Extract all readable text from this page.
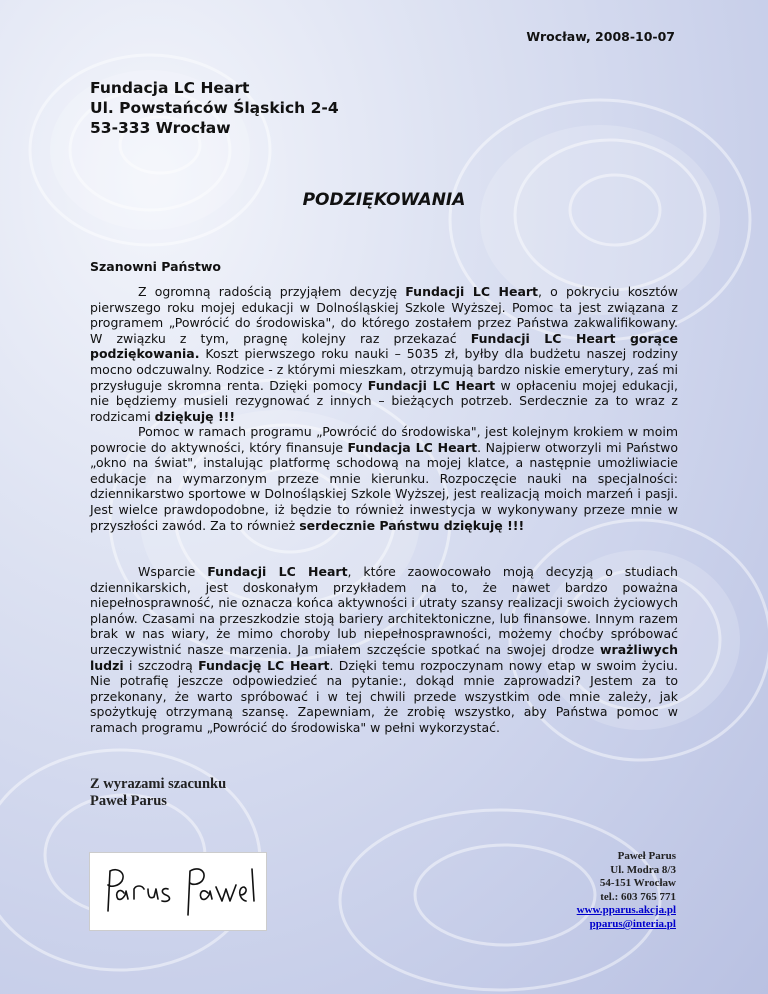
Wrocław, 2008-10-07
Fundacja LC Heart
Ul. Powstańców Śląskich 2-4
53-333 Wrocław
PODZIĘKOWANIA
Szanowni Państwo

Z ogromną radością przyjąłem decyzję Fundacji LC Heart, o pokryciu kosztów pierwszego roku mojej edukacji w Dolnośląskiej Szkole Wyższej. Pomoc ta jest związana z programem „Powrócić do środowiska", do którego zostałem przez Państwa zakwalifikowany. W związku z tym, pragnę kolejny raz przekazać Fundacji LC Heart gorące podziękowania. Koszt pierwszego roku nauki – 5035 zł, byłby dla budżetu naszej rodziny mocno odczuwalny. Rodzice - z którymi mieszkam, otrzymują bardzo niskie emerytury, zaś mi przysługuje skromna renta. Dzięki pomocy Fundacji LC Heart w opłaceniu mojej edukacji, nie będziemy musieli rezygnować z innych – bieżących potrzeb. Serdecznie za to wraz z rodzicami dziękuję !!!

Pomoc w ramach programu „Powrócić do środowiska", jest kolejnym krokiem w moim powrocie do aktywności, który finansuje Fundacja LC Heart. Najpierw otworzyli mi Państwo „okno na świat", instalując platformę schodową na mojej klatce, a następnie umożliwiacie edukacje na wymarzonym przeze mnie kierunku. Rozpoczęcie nauki na specjalności: dziennikarstwo sportowe w Dolnośląskiej Szkole Wyższej, jest realizacją moich marzeń i pasji. Jest wielce prawdopodobne, iż będzie to również inwestycja w wykonywany przeze mnie w przyszłości zawód. Za to również serdecznie Państwu dziękuję !!!

Wsparcie Fundacji LC Heart, które zaowocowało moją decyzją o studiach dziennikarskich, jest doskonałym przykładem na to, że nawet bardzo poważna niepełnosprawność, nie oznacza końca aktywności i utraty szansy realizacji swoich życiowych planów. Czasami na przeszkodzie stoją bariery architektoniczne, lub finansowe. Innym razem brak w nas wiary, że mimo choroby lub niepełnosprawności, możemy choćby spróbować urzeczywistnić nasze marzenia. Ja miałem szczęście spotkać na swojej drodze wrażliwych ludzi i szczodrą Fundację LC Heart. Dzięki temu rozpoczynam nowy etap w swoim życiu. Nie potrafię jeszcze odpowiedzieć na pytanie:, dokąd mnie zaprowadzi? Jestem za to przekonany, że warto spróbować i w tej chwili przede wszystkim ode mnie zależy, jak spożytkuję otrzymaną szansę. Zapewniam, że zrobię wszystko, aby Państwa pomoc w ramach programu „Powrócić do środowiska" w pełni wykorzystać.

Z wyrazami szacunku
Paweł Parus
Paweł Parus
Ul. Modra 8/3
54-151 Wrocław
tel.: 603 765 771
www.pparus.akcja.pl
pparus@interia.pl
